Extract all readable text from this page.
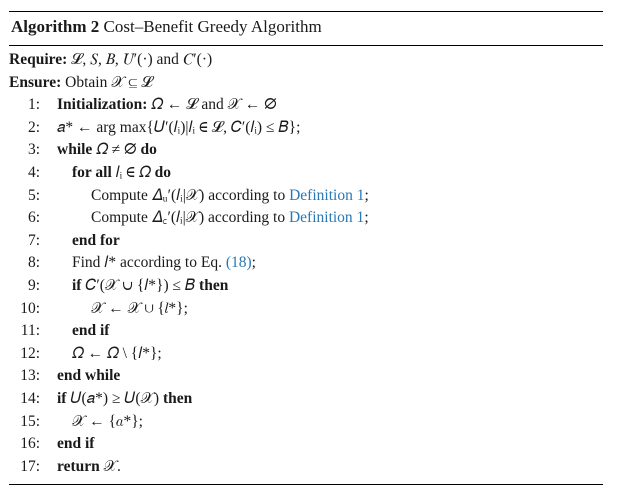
Algorithm 2 Cost–Benefit Greedy Algorithm
Require: 𝓛, 𝑆, 𝐵, 𝑈′(·) and 𝐶′(·)
Ensure: Obtain 𝒳 ⊆ 𝓛
1: Initialization: 𝛺 ← 𝓛 and 𝒳 ← ∅
2: 𝑎* ← arg max{𝑈′(𝑙ᵢ)|𝑙ᵢ ∈ 𝓛, 𝐶′(𝑙ᵢ) ≤ 𝐵};
3: while 𝛺 ≠ ∅ do
4: for all 𝑙ᵢ ∈ 𝛺 do
5:	Compute 𝛥ᵤ′(𝑙ᵢ|𝒳) according to Definition 1;
6:	Compute 𝛥꜀′(𝑙ᵢ|𝒳) according to Definition 1;
7: end for
8: Find 𝑙* according to Eq. (18);
9: if 𝐶′(𝒳 ∪ {𝑙*}) ≤ 𝐵 then
10:	𝒳 ← 𝒳 ∪ {𝑙*};
11: end if
12: 𝛺 ← 𝛺 \ {𝑙*};
13: end while
14: if 𝑈(𝑎*) ≥ 𝑈(𝒳) then
15: 𝒳 ← {𝑎*};
16: end if
17: return 𝒳.
